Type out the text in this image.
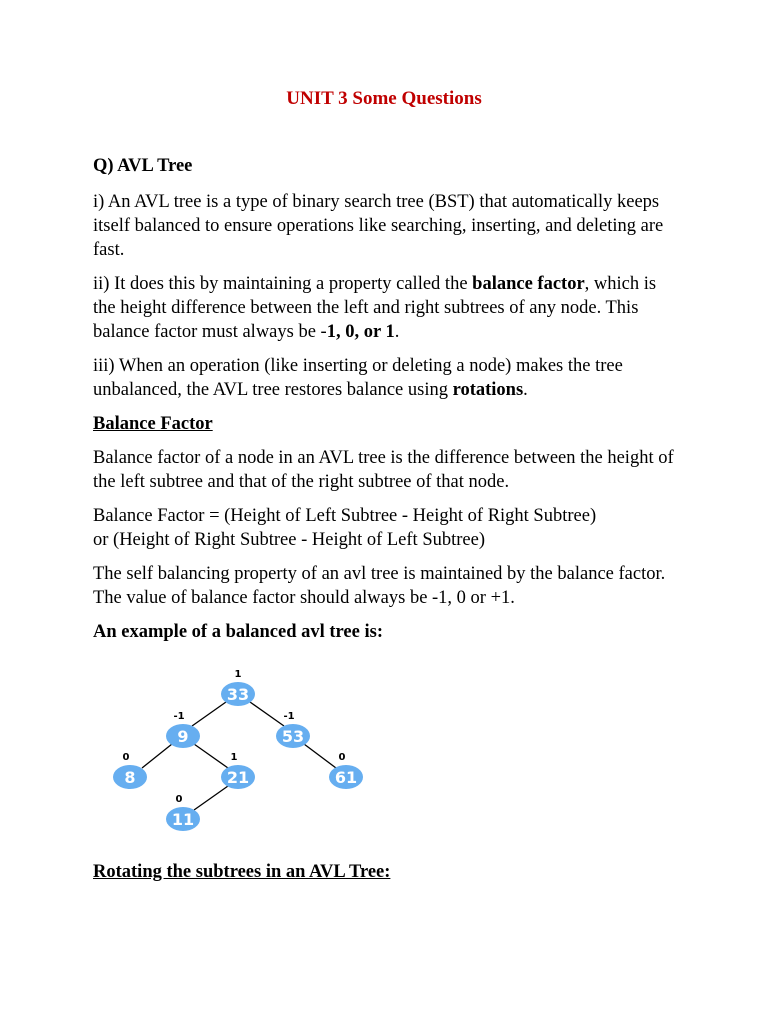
UNIT 3 Some Questions

Q) AVL Tree

i) An AVL tree is a type of binary search tree (BST) that automatically keeps itself balanced to ensure operations like searching, inserting, and deleting are fast.

ii) It does this by maintaining a property called the balance factor, which is the height difference between the left and right subtrees of any node. This balance factor must always be -1, 0, or 1.

iii) When an operation (like inserting or deleting a node) makes the tree unbalanced, the AVL tree restores balance using rotations.

Balance Factor

Balance factor of a node in an AVL tree is the difference between the height of the left subtree and that of the right subtree of that node.

Balance Factor = (Height of Left Subtree - Height of Right Subtree)
or (Height of Right Subtree - Height of Left Subtree)

The self balancing property of an avl tree is maintained by the balance factor. The value of balance factor should always be -1, 0 or +1.

An example of a balanced avl tree is:

33
1
9
-1
53
-1
8
0
21
1
61
0
11
0
Rotating the subtrees in an AVL Tree:
